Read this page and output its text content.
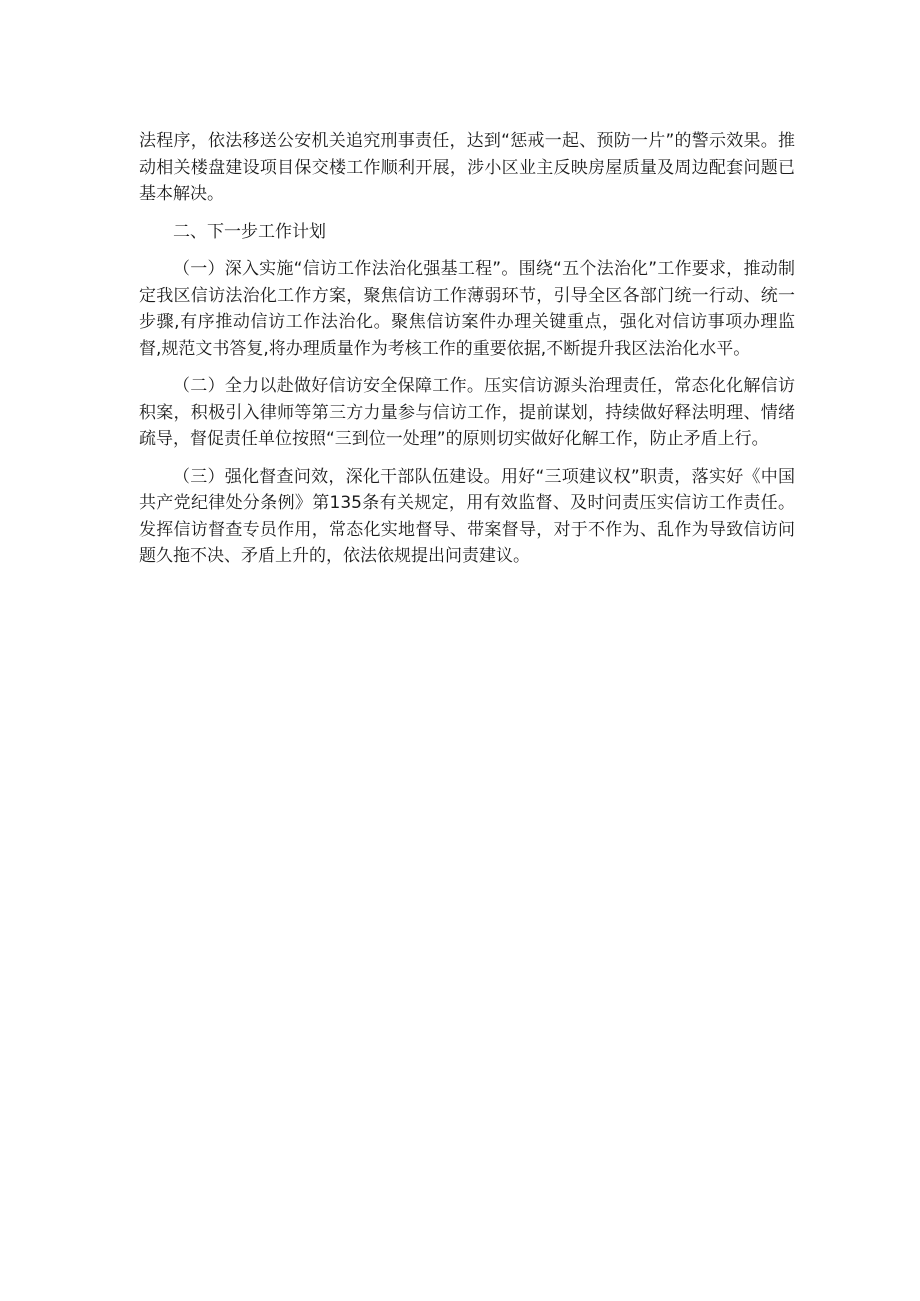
法程序，依法移送公安机关追究刑事责任，达到“惩戒一起、预防一片”的警示效果。推动相关楼盘建设项目保交楼工作顺利开展，涉小区业主反映房屋质量及周边配套问题已基本解决。

二、下一步工作计划

（一）深入实施“信访工作法治化强基工程”。围绕“五个法治化”工作要求，推动制定我区信访法治化工作方案，聚焦信访工作薄弱环节，引导全区各部门统一行动、统一步骤,有序推动信访工作法治化。聚焦信访案件办理关键重点，强化对信访事项办理监督,规范文书答复,将办理质量作为考核工作的重要依据,不断提升我区法治化水平。

（二）全力以赴做好信访安全保障工作。压实信访源头治理责任，常态化化解信访积案，积极引入律师等第三方力量参与信访工作，提前谋划，持续做好释法明理、情绪疏导，督促责任单位按照“三到位一处理”的原则切实做好化解工作，防止矛盾上行。

（三）强化督查问效，深化干部队伍建设。用好“三项建议权”职责，落实好《中国共产党纪律处分条例》第135条有关规定，用有效监督、及时问责压实信访工作责任。发挥信访督查专员作用，常态化实地督导、带案督导，对于不作为、乱作为导致信访问题久拖不决、矛盾上升的，依法依规提出问责建议。
